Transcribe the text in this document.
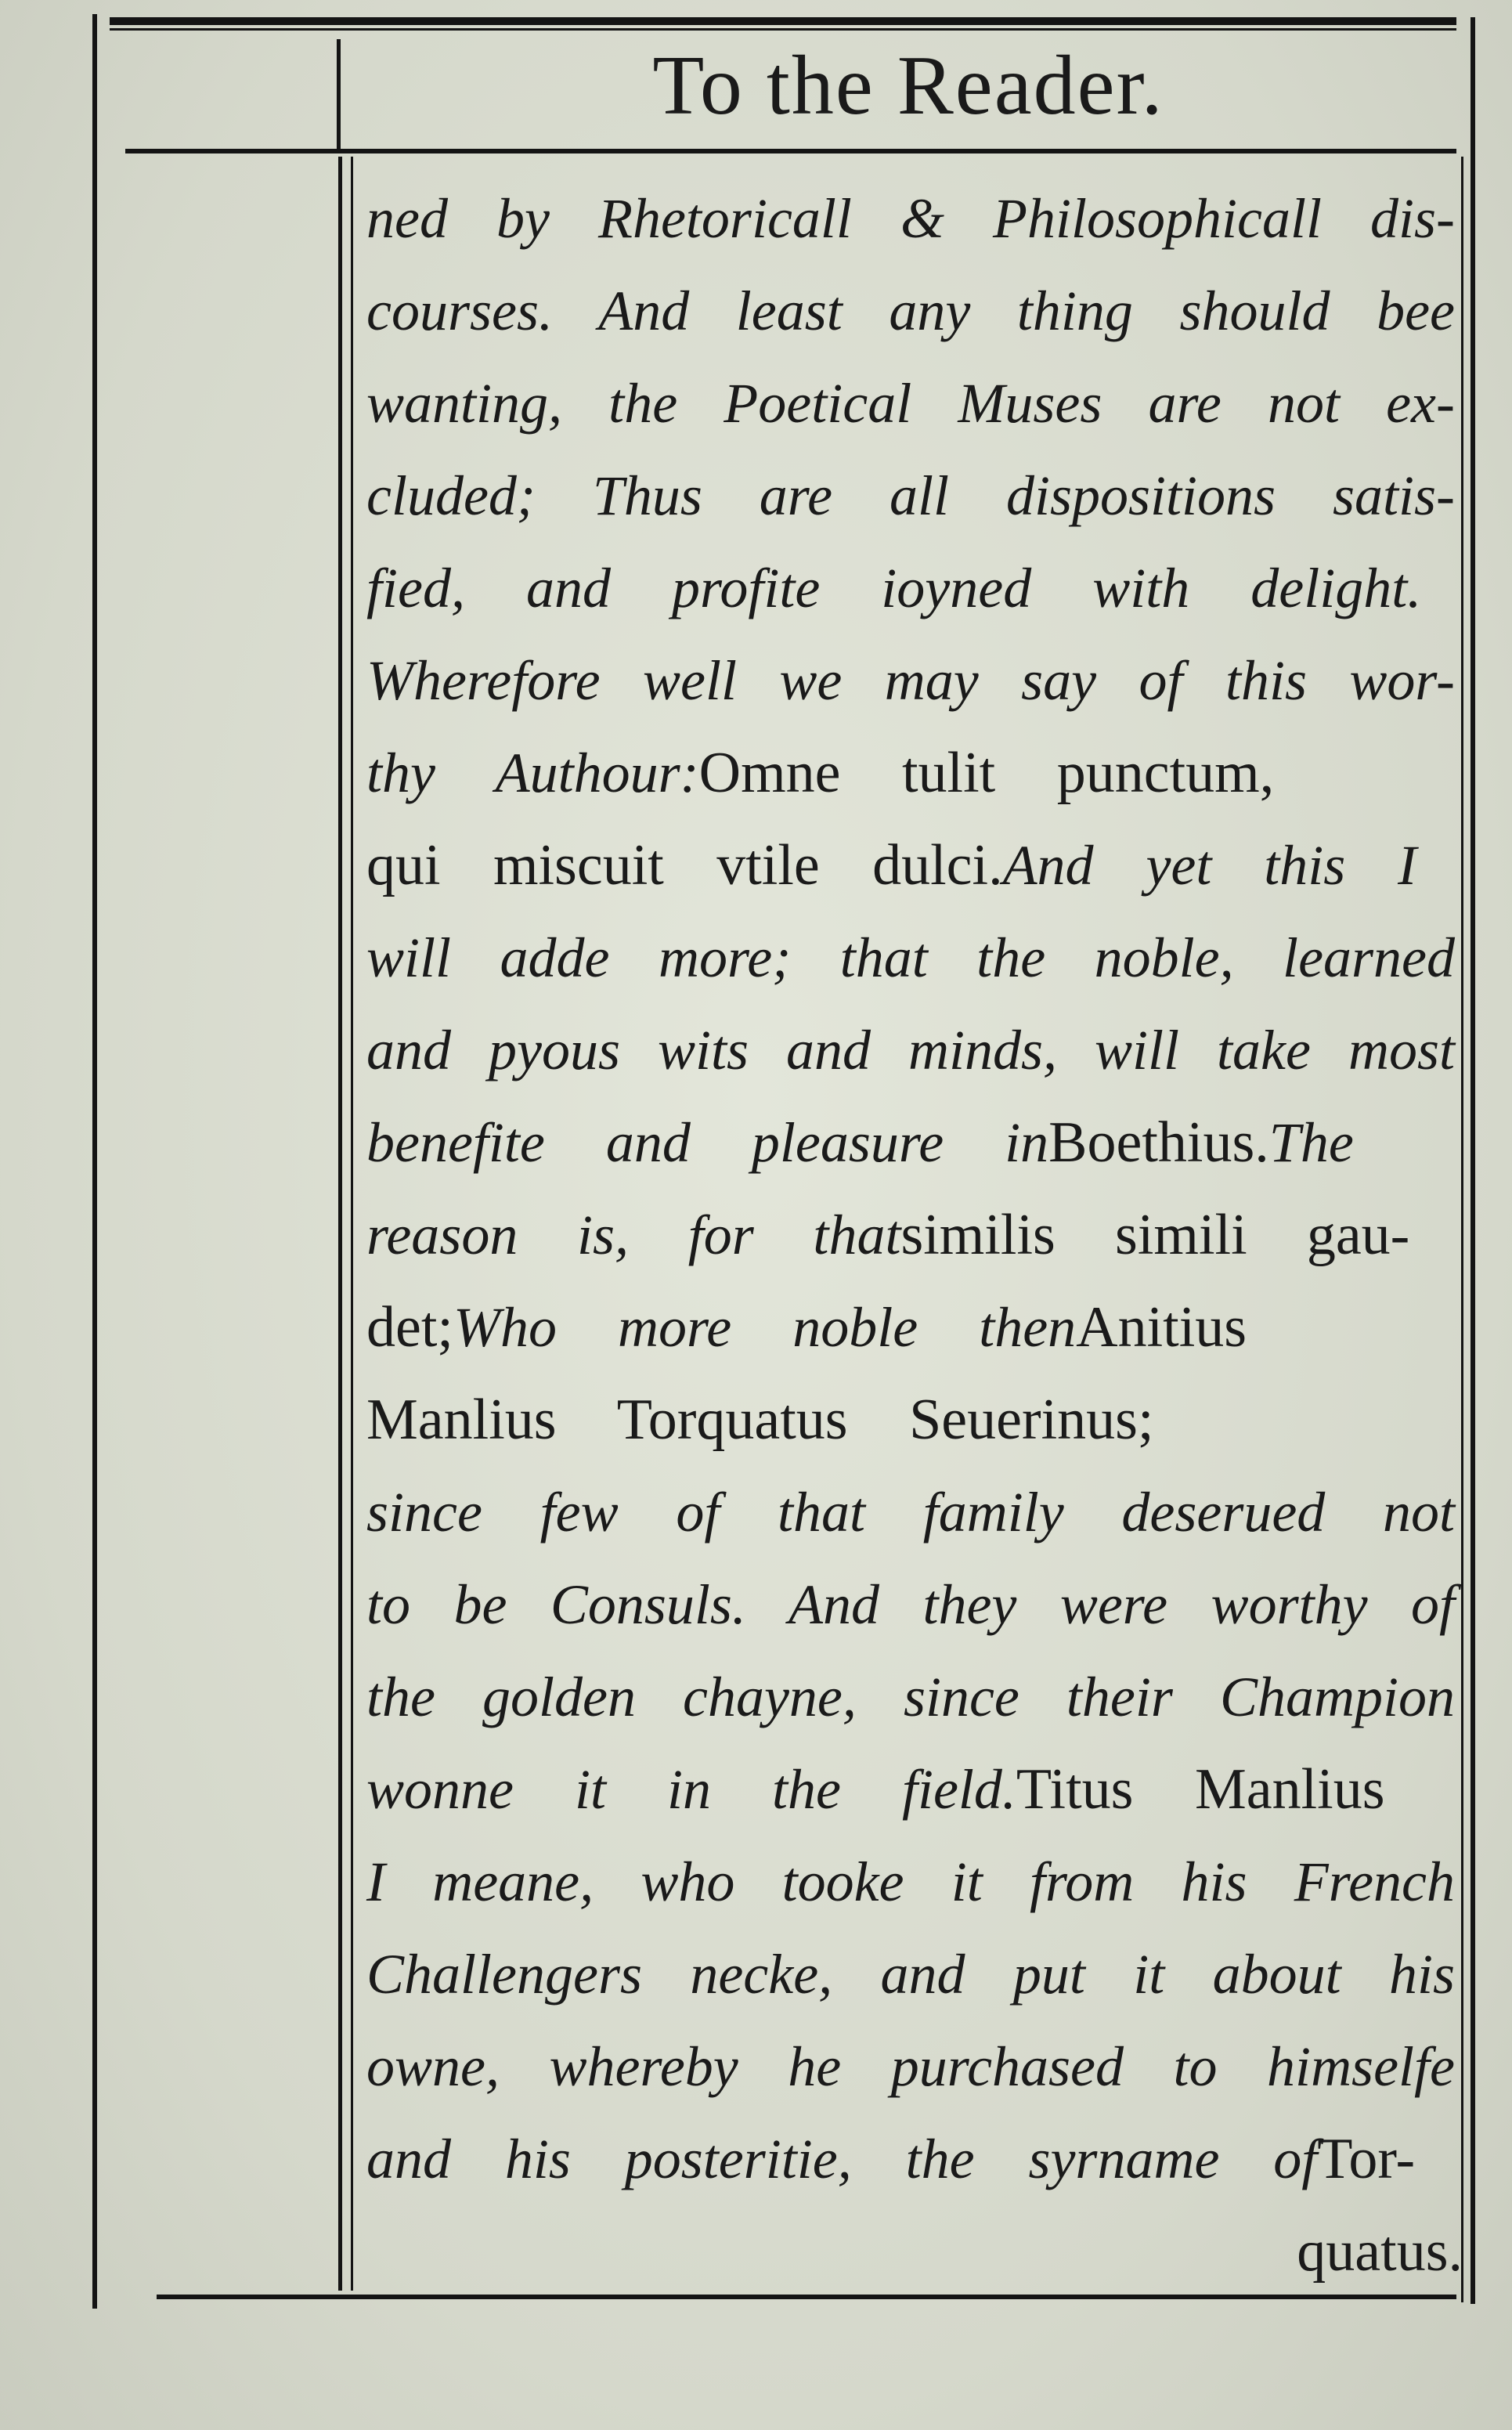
To the Reader.
ned by Rhetoricall & Philosophicall dis-
courses. And least any thing should bee
wanting, the Poetical Muses are not ex-
cluded; Thus are all dispositions satis-
fied, and profite ioyned with delight.
Wherefore well we may say of this wor-
thy Authour: Omne tulit punctum,
qui miscuit vtile dulci. And yet this I
will adde more; that the noble, learned
and pyous wits and minds, will take most
benefite and pleasure in Boethius. The
reason is, for that similis simili gau-
det; Who more noble then Anitius
Manlius Torquatus Seuerinus;
since few of that family deserued not
to be Consuls. And they were worthy of
the golden chayne, since their Champion
wonne it in the field. Titus Manlius
I meane, who tooke it from his French
Challengers necke, and put it about his
owne, whereby he purchased to himselfe
and his posteritie, the syrname of Tor-
quatus.
